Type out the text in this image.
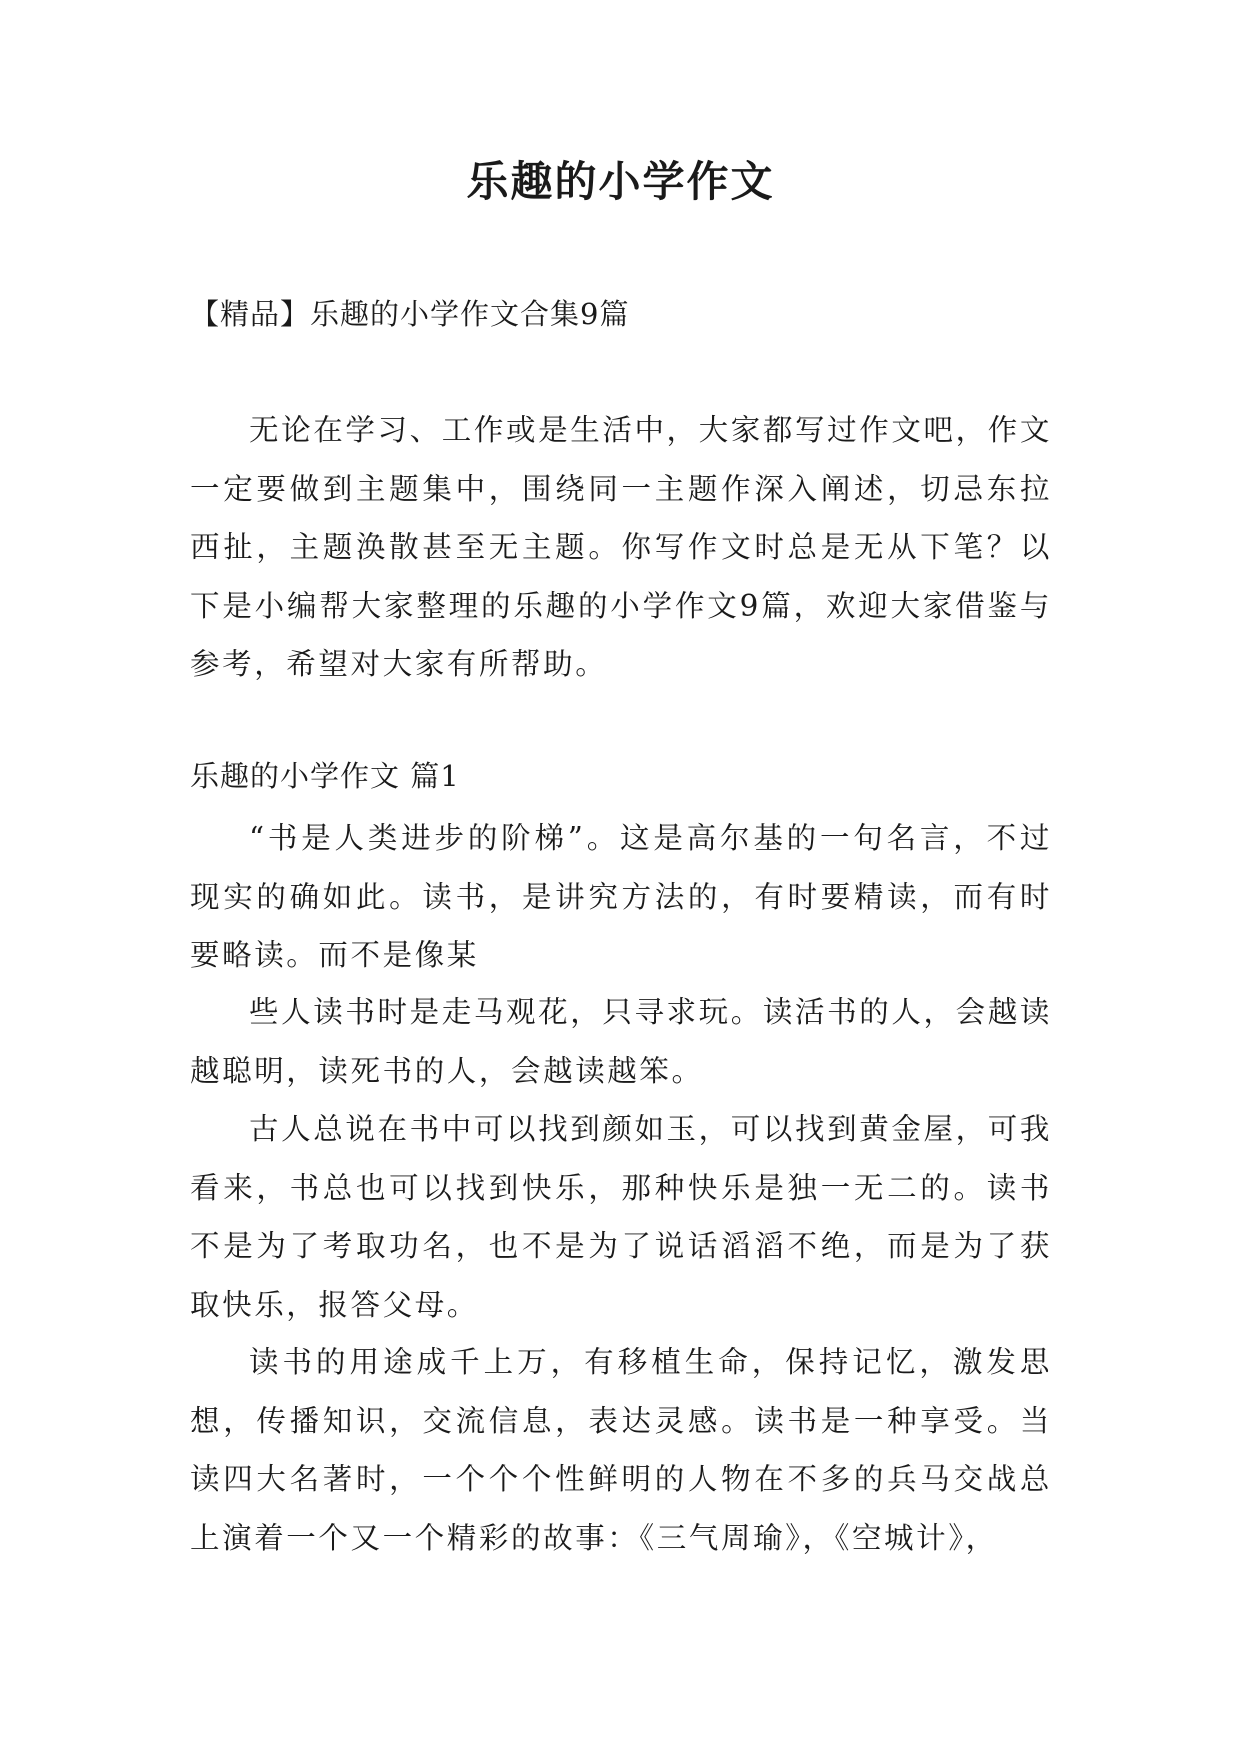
乐趣的小学作文

【精品】乐趣的小学作文合集9篇

无论在学习、工作或是生活中，大家都写过作文吧，作文一定要做到主题集中，围绕同一主题作深入阐述，切忌东拉西扯，主题涣散甚至无主题。你写作文时总是无从下笔？以下是小编帮大家整理的乐趣的小学作文9篇，欢迎大家借鉴与参考，希望对大家有所帮助。

乐趣的小学作文 篇1

“书是人类进步的阶梯”。这是高尔基的一句名言，不过现实的确如此。读书，是讲究方法的，有时要精读，而有时要略读。而不是像某

些人读书时是走马观花，只寻求玩。读活书的人，会越读越聪明，读死书的人，会越读越笨。

古人总说在书中可以找到颜如玉，可以找到黄金屋，可我看来，书总也可以找到快乐，那种快乐是独一无二的。读书不是为了考取功名，也不是为了说话滔滔不绝，而是为了获取快乐，报答父母。

读书的用途成千上万，有移植生命，保持记忆，激发思想，传播知识，交流信息，表达灵感。读书是一种享受。当读四大名著时，一个个个性鲜明的人物在不多的兵马交战总上演着一个又一个精彩的故事：《三气周瑜》，《空城计》，
